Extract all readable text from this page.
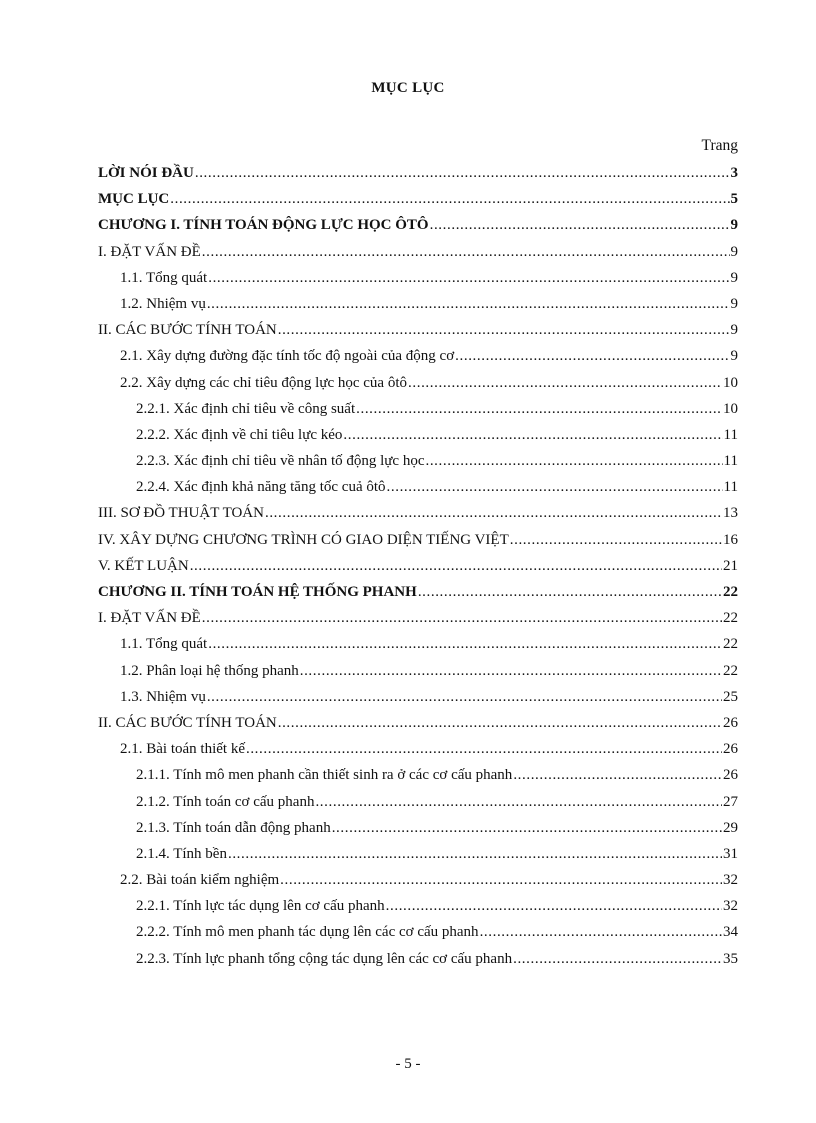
MỤC LỤC
Trang
LỜI NÓI ĐẦU .....	3
MỤC LỤC .....	5
CHƯƠNG I. TÍNH TOÁN ĐỘNG LỰC HỌC ÔTÔ .....	9
I. ĐẶT VẤN ĐỀ .....	9
1.1. Tổng quát .....	9
1.2. Nhiệm vụ .....	9
II. CÁC BƯỚC TÍNH TOÁN .....	9
2.1. Xây dựng đường đặc tính tốc độ ngoài của động cơ .....	9
2.2. Xây dựng các chỉ tiêu động lực học của ôtô .....	10
2.2.1. Xác định chỉ tiêu về công suất .....	10
2.2.2. Xác định về chỉ tiêu lực kéo .....	11
2.2.3. Xác định chỉ tiêu về nhân tố động lực học .....	11
2.2.4. Xác định khả năng tăng tốc cuả ôtô .....	11
III. SƠ ĐỒ THUẬT TOÁN .....	13
IV. XÂY DỰNG CHƯƠNG TRÌNH CÓ GIAO DIỆN TIẾNG VIỆT .....	16
V. KẾT LUẬN .....	21
CHƯƠNG II. TÍNH TOÁN HỆ THỐNG PHANH .....	22
I. ĐẶT VẤN ĐỀ .....	22
1.1. Tổng quát .....	22
1.2. Phân loại hệ thống phanh .....	22
1.3. Nhiệm vụ .....	25
II. CÁC BƯỚC TÍNH TOÁN .....	26
2.1. Bài toán thiết kế .....	26
2.1.1. Tính mô men phanh cần thiết sinh ra ở các cơ cấu phanh .....	26
2.1.2. Tính toán cơ cấu phanh .....	27
2.1.3. Tính toán dẫn động phanh .....	29
2.1.4. Tính bền .....	31
2.2. Bài toán kiểm nghiệm .....	32
2.2.1. Tính lực tác dụng lên cơ cấu phanh .....	32
2.2.2. Tính mô men phanh tác dụng lên các cơ cấu phanh .....	34
2.2.3. Tính lực phanh tổng cộng tác dụng lên các cơ cấu phanh .....	35
- 5 -
